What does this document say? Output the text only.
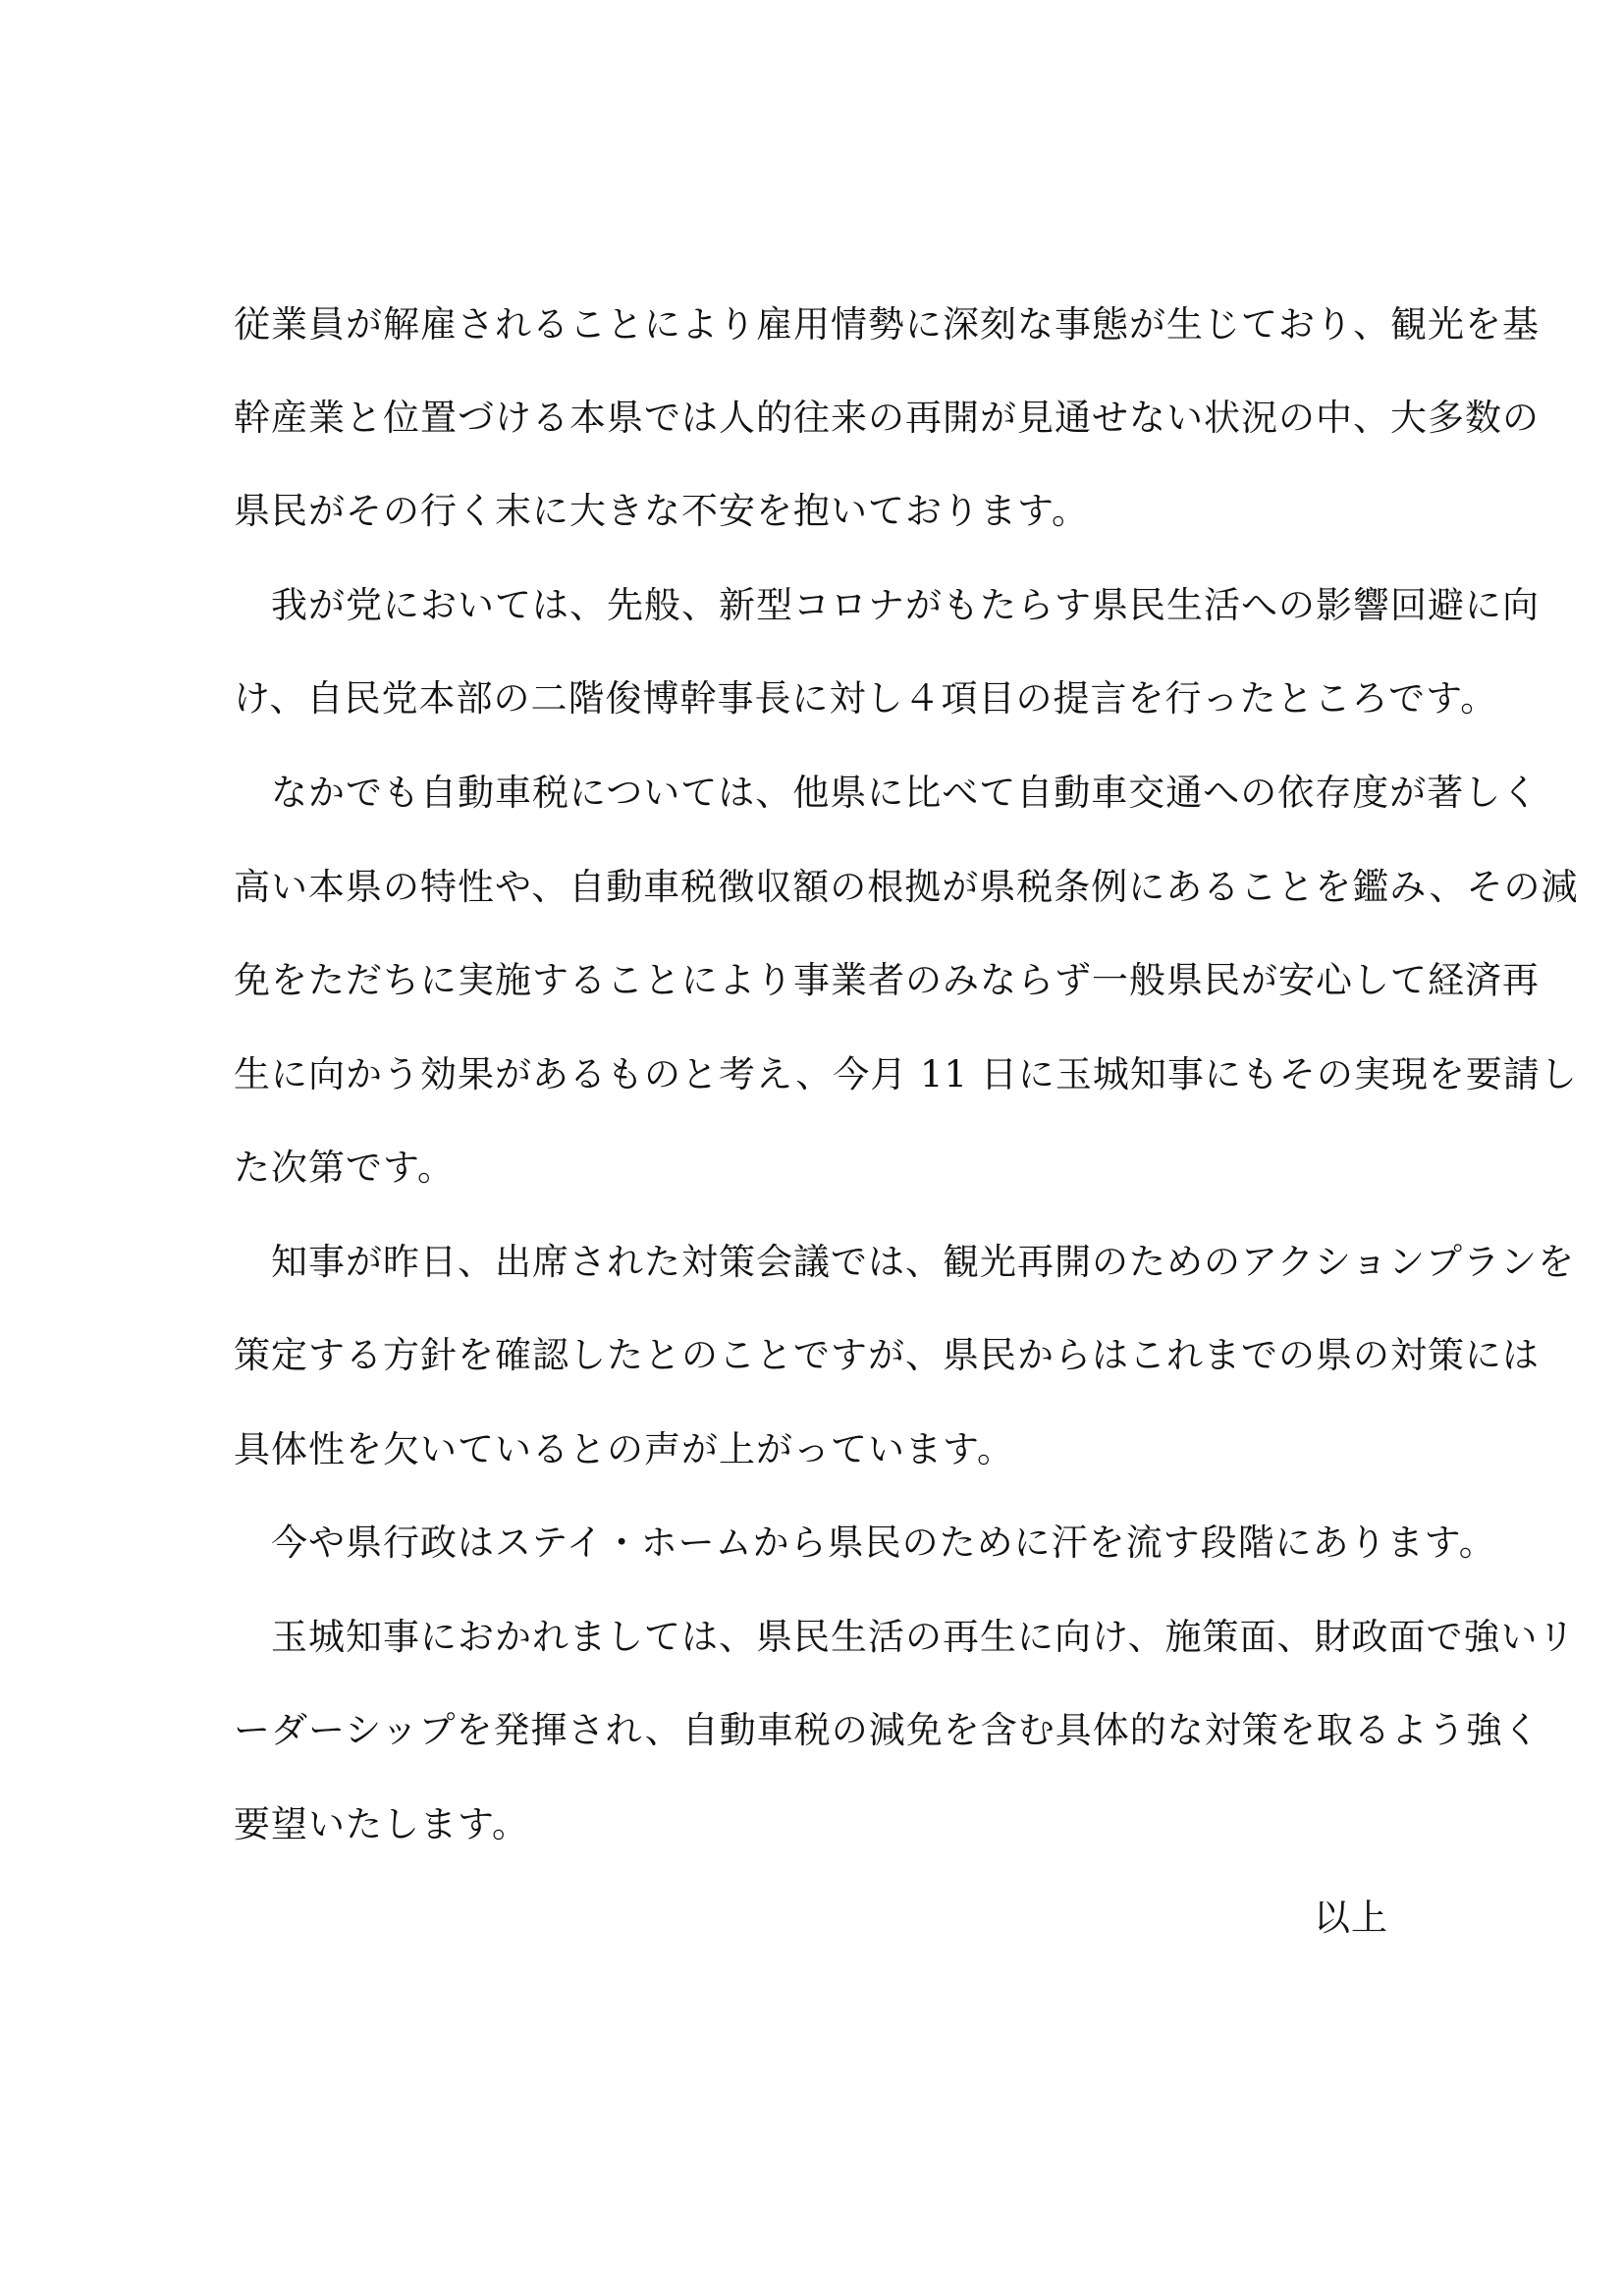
従業員が解雇されることにより雇用情勢に深刻な事態が生じており、観光を基
幹産業と位置づける本県では人的往来の再開が見通せない状況の中、大多数の
県民がその行く末に大きな不安を抱いております。
　我が党においては、先般、新型コロナがもたらす県民生活への影響回避に向
け、自民党本部の二階俊博幹事長に対し４項目の提言を行ったところです。
　なかでも自動車税については、他県に比べて自動車交通への依存度が著しく
高い本県の特性や、自動車税徴収額の根拠が県税条例にあることを鑑み、その減
免をただちに実施することにより事業者のみならず一般県民が安心して経済再
生に向かう効果があるものと考え、今月 11 日に玉城知事にもその実現を要請し
た次第です。
　知事が昨日、出席された対策会議では、観光再開のためのアクションプランを
策定する方針を確認したとのことですが、県民からはこれまでの県の対策には
具体性を欠いているとの声が上がっています。
　今や県行政はステイ・ホームから県民のために汗を流す段階にあります。
　玉城知事におかれましては、県民生活の再生に向け、施策面、財政面で強いリ
ーダーシップを発揮され、自動車税の減免を含む具体的な対策を取るよう強く
要望いたします。
以上
